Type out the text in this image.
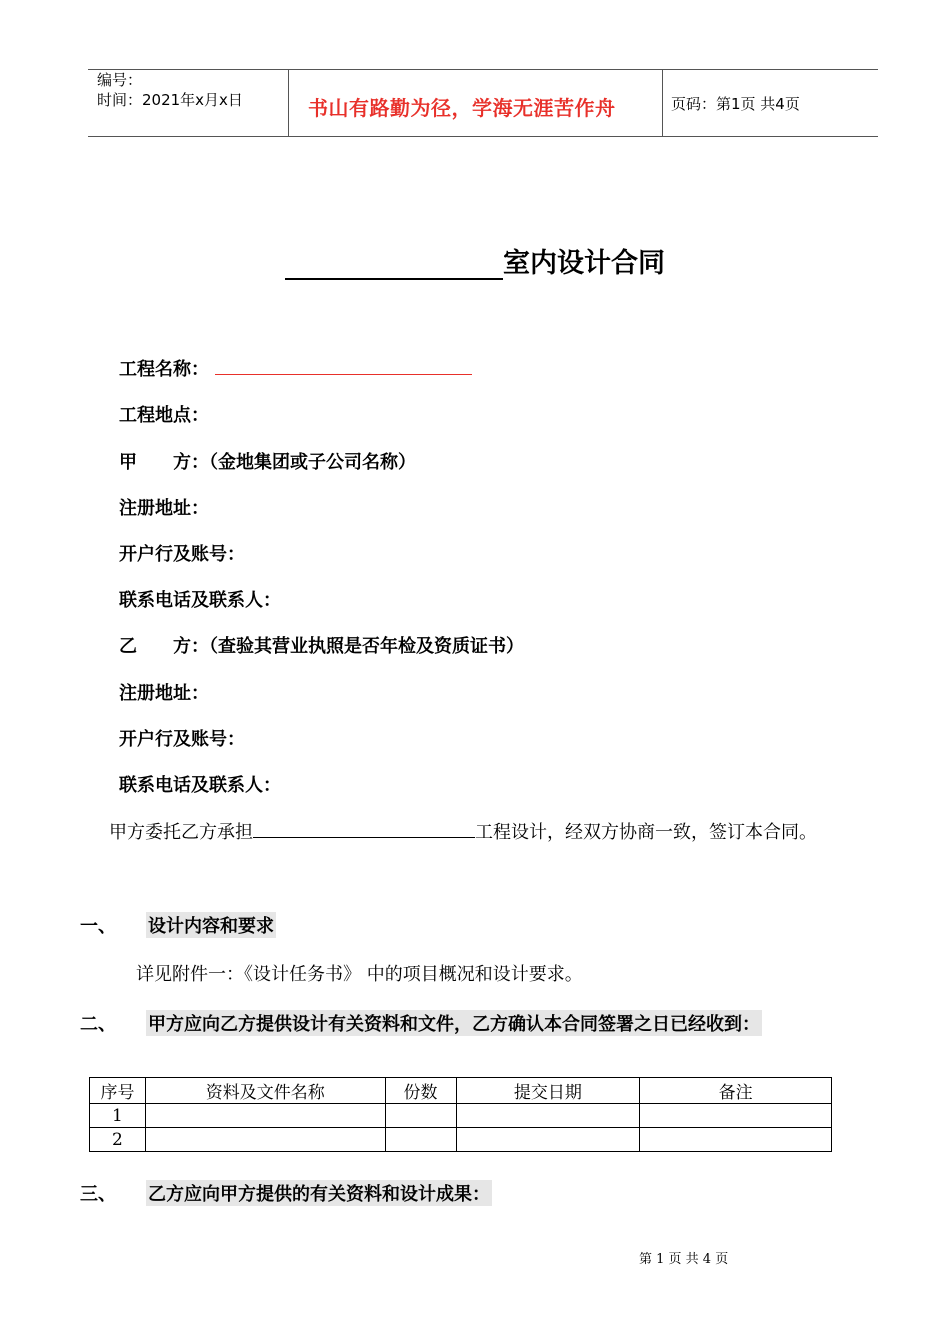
编号：
时间：2021年x月x日	书山有路勤为径，学海无涯苦作舟	页码：第1页 共4页
室内设计合同
工程名称：
工程地点：
甲　　方：（金地集团或子公司名称）
注册地址：
开户行及账号：
联系电话及联系人：
乙　　方：（查验其营业执照是否年检及资质证书）
注册地址：
开户行及账号：
联系电话及联系人：
甲方委托乙方承担	工程设计，经双方协商一致，签订本合同。
一、 设计内容和要求
详见附件一：《设计任务书》 中的项目概况和设计要求。
二、 甲方应向乙方提供设计有关资料和文件，乙方确认本合同签署之日已经收到：
序号	资料及文件名称	份数	提交日期	备注
1				
2				
三、 乙方应向甲方提供的有关资料和设计成果：
第 1 页 共 4 页
